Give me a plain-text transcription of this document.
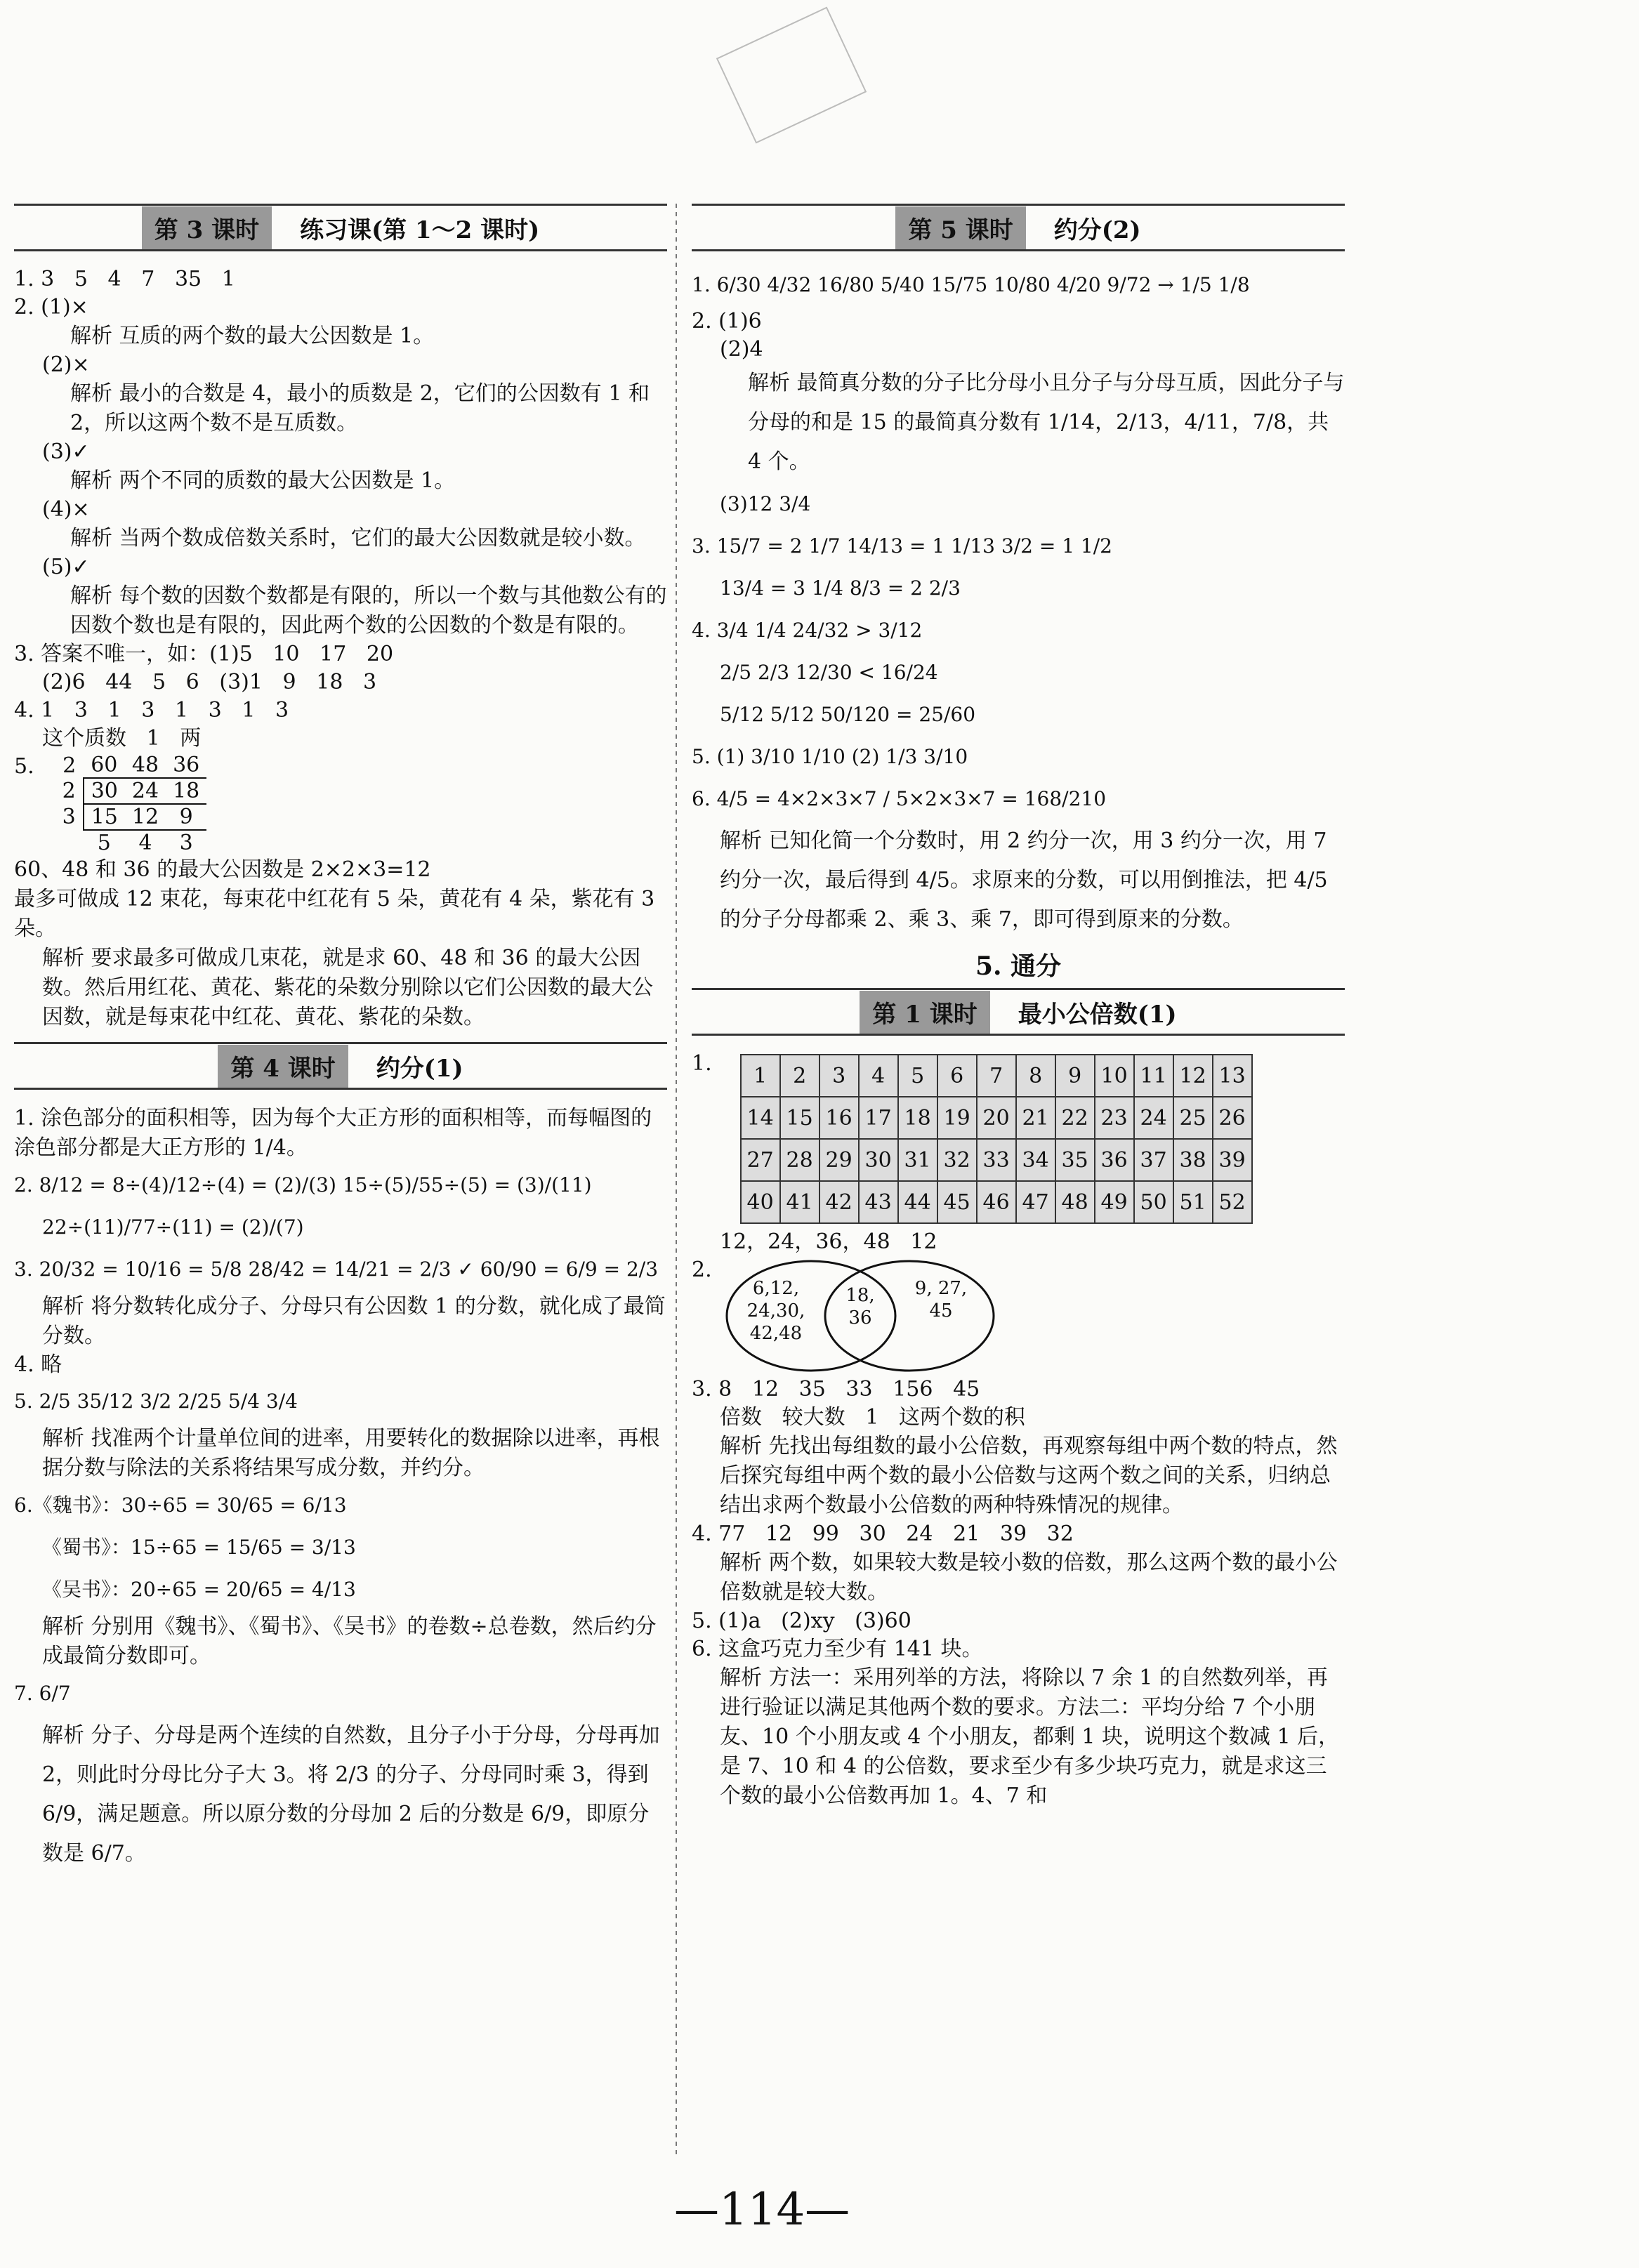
第 3 课时	练习课(第 1～2 课时)

1. 3   5   4   7   35   1

2. (1)×

解析 互质的两个数的最大公因数是 1。

(2)×

解析 最小的合数是 4，最小的质数是 2，它们的公因数有 1 和 2，所以这两个数不是互质数。

(3)✓

解析 两个不同的质数的最大公因数是 1。

(4)×

解析 当两个数成倍数关系时，它们的最大公因数就是较小数。

(5)✓

解析 每个数的因数个数都是有限的，所以一个数与其他数公有的因数个数也是有限的，因此两个数的公因数的个数是有限的。

3. 答案不唯一，如：(1)5   10   17   20

(2)6   44   5   6   (3)1   9   18   3

4. 1   3   1   3   1   3   1   3

这个质数   1   两

5. 2	60	48	36
2	30	24	18
3	15	12	9
	5	4	3

60、48 和 36 的最大公因数是 2×2×3=12

最多可做成 12 束花，每束花中红花有 5 朵，黄花有 4 朵，紫花有 3 朵。

解析 要求最多可做成几束花，就是求 60、48 和 36 的最大公因数。然后用红花、黄花、紫花的朵数分别除以它们公因数的最大公因数，就是每束花中红花、黄花、紫花的朵数。

第 4 课时	约分(1)

1. 涂色部分的面积相等，因为每个大正方形的面积相等，而每幅图的涂色部分都是大正方形的 1/4。

2. 8/12 = 8÷(4)/12÷(4) = (2)/(3) 15÷(5)/55÷(5) = (3)/(11)

22÷(11)/77÷(11) = (2)/(7)

3. 20/32 = 10/16 = 5/8 28/42 = 14/21 = 2/3 ✓ 60/90 = 6/9 = 2/3

解析 将分数转化成分子、分母只有公因数 1 的分数，就化成了最简分数。

4. 略

5. 2/5 35/12 3/2 2/25 5/4 3/4

解析 找准两个计量单位间的进率，用要转化的数据除以进率，再根据分数与除法的关系将结果写成分数，并约分。

6.《魏书》：30÷65 = 30/65 = 6/13

《蜀书》：15÷65 = 15/65 = 3/13

《吴书》：20÷65 = 20/65 = 4/13

解析 分别用《魏书》、《蜀书》、《吴书》的卷数÷总卷数，然后约分成最简分数即可。

7. 6/7

解析 分子、分母是两个连续的自然数，且分子小于分母，分母再加 2，则此时分母比分子大 3。将 2/3 的分子、分母同时乘 3，得到 6/9，满足题意。所以原分数的分母加 2 后的分数是 6/9，即原分数是 6/7。

第 5 课时	约分(2)

1. 6/30 4/32 16/80 5/40 15/75 10/80 4/20 9/72 → 1/5 1/8

2. (1)6

(2)4

解析 最简真分数的分子比分母小且分子与分母互质，因此分子与分母的和是 15 的最简真分数有 1/14，2/13，4/11，7/8，共 4 个。

(3)12 3/4

3. 15/7 = 2 1/7 14/13 = 1 1/13 3/2 = 1 1/2

13/4 = 3 1/4 8/3 = 2 2/3

4. 3/4 1/4 24/32 > 3/12

2/5 2/3 12/30 < 16/24

5/12 5/12 50/120 = 25/60

5. (1) 3/10 1/10 (2) 1/3 3/10

6. 4/5 = 4×2×3×7 / 5×2×3×7 = 168/210

解析 已知化简一个分数时，用 2 约分一次，用 3 约分一次，用 7 约分一次，最后得到 4/5。求原来的分数，可以用倒推法，把 4/5 的分子分母都乘 2、乘 3、乘 7，即可得到原来的分数。

5. 通分
第 1 课时	最小公倍数(1)
1. 1	2	3	4	5	6	7	8	9	10	11	12	13
14	15	16	17	18	19	20	21	22	23	24	25	26
27	28	29	30	31	32	33	34	35	36	37	38	39
40	41	42	43	44	45	46	47	48	49	50	51	52

12，24，36，48   12

2.
6,12, 24,30, 42,48
18, 36
9, 27, 45

3. 8   12   35   33   156   45

倍数   较大数   1   这两个数的积

解析 先找出每组数的最小公倍数，再观察每组中两个数的特点，然后探究每组中两个数的最小公倍数与这两个数之间的关系，归纳总结出求两个数最小公倍数的两种特殊情况的规律。

4. 77   12   99   30   24   21   39   32

解析 两个数，如果较大数是较小数的倍数，那么这两个数的最小公倍数就是较大数。

5. (1)a   (2)xy   (3)60

6. 这盒巧克力至少有 141 块。

解析 方法一：采用列举的方法，将除以 7 余 1 的自然数列举，再进行验证以满足其他两个数的要求。方法二：平均分给 7 个小朋友、10 个小朋友或 4 个小朋友，都剩 1 块，说明这个数减 1 后，是 7、10 和 4 的公倍数，要求至少有多少块巧克力，就是求这三个数的最小公倍数再加 1。4、7 和

—114—
